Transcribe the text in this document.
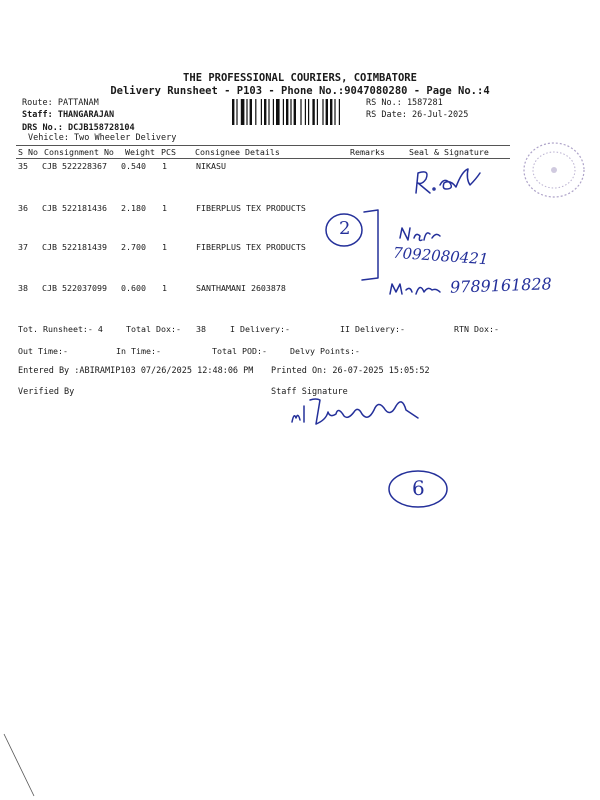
THE PROFESSIONAL COURIERS, COIMBATORE
Delivery Runsheet - P103 - Phone No.:9047080280 - Page No.:4
Route: PATTANAM
Staff: THANGARAJAN
DRS No.: DCJB158728104
Vehicle: Two Wheeler Delivery
RS No.: 1587281
RS Date: 26-Jul-2025
S No Consignment No Weight PCS Consignee Details	Remarks	Seal & Signature
35 CJB 522228367 0.540 1	NIKASU
36 CJB 522181436 2.180 1	FIBERPLUS TEX PRODUCTS
37 CJB 522181439 2.700 1	FIBERPLUS TEX PRODUCTS
38 CJB 522037099 0.600 1	SANTHAMANI 2603878
Tot. Runsheet:- 4	Total Dox:- 38	I Delivery:-	II Delivery:-	RTN Dox:-
Out Time:-	In Time:-	Total POD:-	Delvy Points:-
Entered By :ABIRAMIP103 07/26/2025 12:48:06 PM Printed On: 26-07-2025 15:05:52
Verified By	Staff Signature
2
7092080421
9789161828
6
